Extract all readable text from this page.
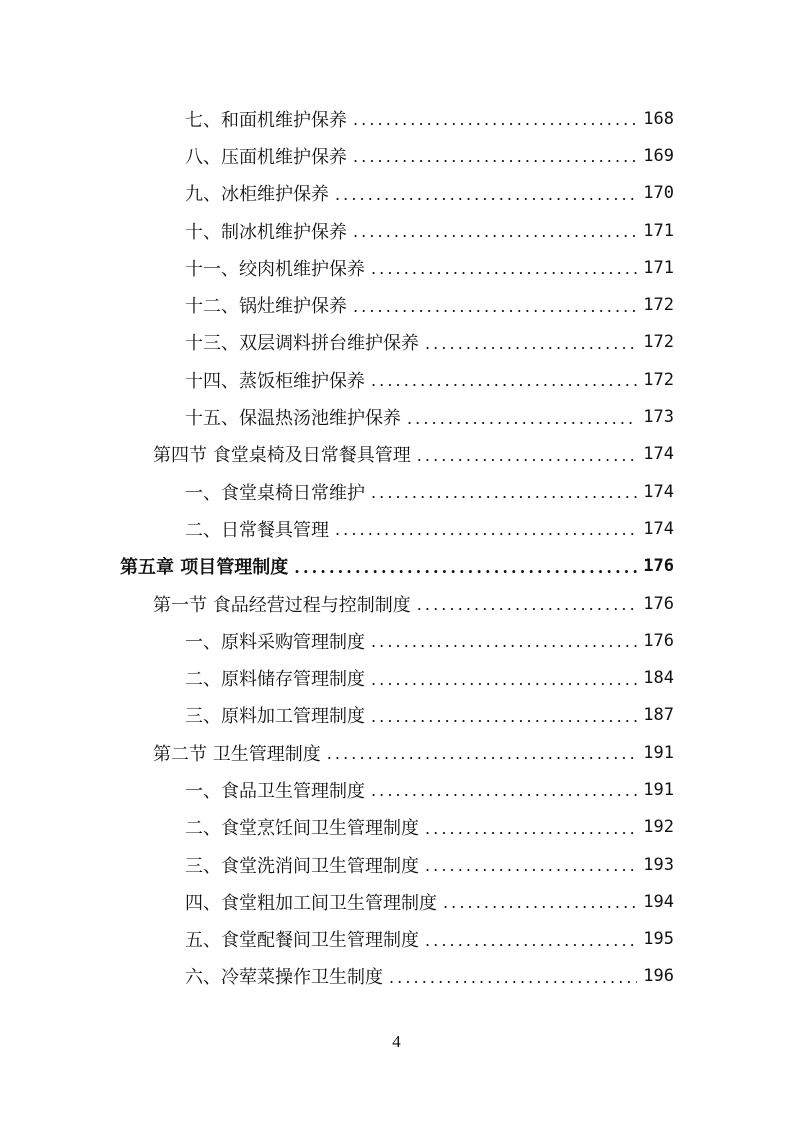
七、和面机维护保养 .....	168
八、压面机维护保养 .....	169
九、冰柜维护保养 .....	170
十、制冰机维护保养 .....	171
十一、绞肉机维护保养 .....	171
十二、锅灶维护保养 .....	172
十三、双层调料拼台维护保养 .....	172
十四、蒸饭柜维护保养 .....	172
十五、保温热汤池维护保养 .....	173
第四节 食堂桌椅及日常餐具管理 .....	174
一、食堂桌椅日常维护 .....	174
二、日常餐具管理 .....	174
第五章 项目管理制度 .....	176
第一节 食品经营过程与控制制度 .....	176
一、原料采购管理制度 .....	176
二、原料储存管理制度 .....	184
三、原料加工管理制度 .....	187
第二节 卫生管理制度 .....	191
一、食品卫生管理制度 .....	191
二、食堂烹饪间卫生管理制度 .....	192
三、食堂洗消间卫生管理制度 .....	193
四、食堂粗加工间卫生管理制度 .....	194
五、食堂配餐间卫生管理制度 .....	195
六、冷荤菜操作卫生制度 .....	196
4
